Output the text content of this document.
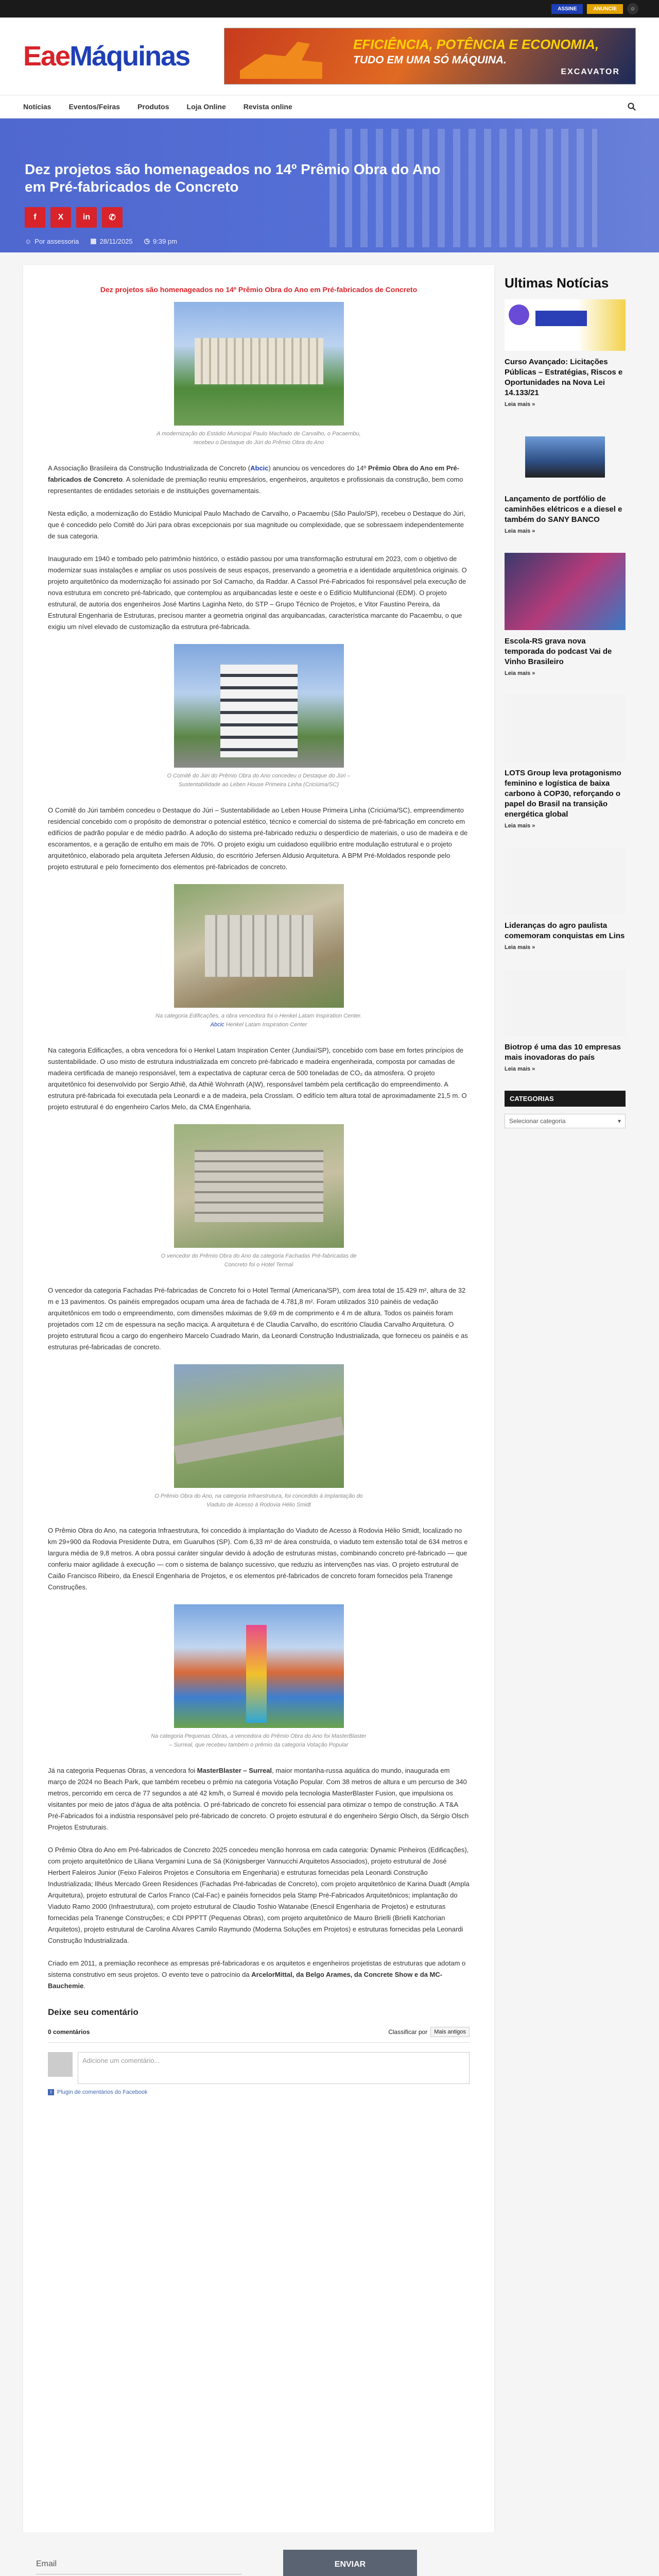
ASSINE	ANUNCIE	☺
EaeMáquinas	EFICIÊNCIA, POTÊNCIA E ECONOMIA,
TUDO EM UMA SÓ MÁQUINA.
EXCAVATOR
Notícias Eventos/Feiras Produtos Loja Online Revista online
Dez projetos são homenageados no 14º Prêmio Obra do Ano em Pré-fabricados de Concreto
f	X	in	✆
☺ Por assessoria ▦ 28/11/2025 ◷ 9:39 pm
Dez projetos são homenageados no 14º Prêmio Obra do Ano em Pré-fabricados de Concreto
A modernização do Estádio Municipal Paulo Machado de Carvalho, o Pacaembu, recebeu o Destaque do Júri do Prêmio Obra do Ano

A Associação Brasileira da Construção Industrializada de Concreto (Abcic) anunciou os vencedores do 14º Prêmio Obra do Ano em Pré-fabricados de Concreto. A solenidade de premiação reuniu empresários, engenheiros, arquitetos e profissionais da construção, bem como representantes de entidades setoriais e de instituições governamentais.

Nesta edição, a modernização do Estádio Municipal Paulo Machado de Carvalho, o Pacaembu (São Paulo/SP), recebeu o Destaque do Júri, que é concedido pelo Comitê do Júri para obras excepcionais por sua magnitude ou complexidade, que se sobressaem independentemente de sua categoria.

Inaugurado em 1940 e tombado pelo patrimônio histórico, o estádio passou por uma transformação estrutural em 2023, com o objetivo de modernizar suas instalações e ampliar os usos possíveis de seus espaços, preservando a geometria e a identidade arquitetônica originais. O projeto arquitetônico da modernização foi assinado por Sol Camacho, da Raddar. A Cassol Pré-Fabricados foi responsável pela execução de nova estrutura em concreto pré-fabricado, que contemplou as arquibancadas leste e oeste e o Edifício Multifuncional (EDM). O projeto estrutural, de autoria dos engenheiros José Martins Laginha Neto, do STP – Grupo Técnico de Projetos, e Vitor Faustino Pereira, da Estrutural Engenharia de Estruturas, precisou manter a geometria original das arquibancadas, característica marcante do Pacaembu, o que exigiu um nível elevado de customização da estrutura pré-fabricada.

O Comitê do Júri do Prêmio Obra do Ano concedeu o Destaque do Júri – Sustentabilidade ao Leben House Primeira Linha (Criciúma/SC)

O Comitê do Júri também concedeu o Destaque do Júri – Sustentabilidade ao Leben House Primeira Linha (Criciúma/SC), empreendimento residencial concebido com o propósito de demonstrar o potencial estético, técnico e comercial do sistema de pré-fabricação em concreto em edifícios de padrão popular e de médio padrão. A adoção do sistema pré-fabricado reduziu o desperdício de materiais, o uso de madeira e de escoramentos, e a geração de entulho em mais de 70%. O projeto exigiu um cuidadoso equilíbrio entre modulação estrutural e o projeto arquitetônico, elaborado pela arquiteta Jefersen Aldusio, do escritório Jefersen Aldusio Arquitetura. A BPM Pré-Moldados responde pelo projeto estrutural e pelo fornecimento dos elementos pré-fabricados de concreto.

Na categoria Edificações, a obra vencedora foi o Henkel Latam Inspiration Center. Abcic Henkel Latam Inspiration Center

Na categoria Edificações, a obra vencedora foi o Henkel Latam Inspiration Center (Jundiaí/SP), concebido com base em fortes princípios de sustentabilidade. O uso misto de estrutura industrializada em concreto pré-fabricado e madeira engenheirada, composta por camadas de madeira certificada de manejo responsável, tem a expectativa de capturar cerca de 500 toneladas de CO₂ da atmosfera. O projeto arquitetônico foi desenvolvido por Sergio Athiê, da Athiê Wohnrath (A|W), responsável também pela certificação do empreendimento. A estrutura pré-fabricada foi executada pela Leonardi e a de madeira, pela Crosslam. O edifício tem altura total de aproximadamente 21,5 m. O projeto estrutural é do engenheiro Carlos Melo, da CMA Engenharia.

O vencedor do Prêmio Obra do Ano da categoria Fachadas Pré-fabricadas de Concreto foi o Hotel Termal

O vencedor da categoria Fachadas Pré-fabricadas de Concreto foi o Hotel Termal (Americana/SP), com área total de 15.429 m², altura de 32 m e 13 pavimentos. Os painéis empregados ocupam uma área de fachada de 4.781,8 m². Foram utilizados 310 painéis de vedação arquitetônicos em todo o empreendimento, com dimensões máximas de 9,69 m de comprimento e 4 m de altura. Todos os painéis foram projetados com 12 cm de espessura na seção maciça. A arquitetura é de Claudia Carvalho, do escritório Claudia Carvalho Arquitetura. O projeto estrutural ficou a cargo do engenheiro Marcelo Cuadrado Marin, da Leonardi Construção Industrializada, que forneceu os painéis e as estruturas pré-fabricadas de concreto.

O Prêmio Obra do Ano, na categoria Infraestrutura, foi concedido à implantação do Viaduto de Acesso à Rodovia Hélio Smidt

O Prêmio Obra do Ano, na categoria Infraestrutura, foi concedido à implantação do Viaduto de Acesso à Rodovia Hélio Smidt, localizado no km 29+900 da Rodovia Presidente Dutra, em Guarulhos (SP). Com 6,33 m² de área construída, o viaduto tem extensão total de 634 metros e largura média de 9,8 metros. A obra possui caráter singular devido à adoção de estruturas mistas, combinando concreto pré-fabricado — que conferiu maior agilidade à execução — com o sistema de balanço sucessivo, que reduziu as intervenções nas vias. O projeto estrutural de Caião Francisco Ribeiro, da Enescil Engenharia de Projetos, e os elementos pré-fabricados de concreto foram fornecidos pela Tranenge Construções.

Na categoria Pequenas Obras, a vencedora do Prêmio Obra do Ano foi MasterBlaster – Surreal, que recebeu também o prêmio da categoria Votação Popular

Já na categoria Pequenas Obras, a vencedora foi MasterBlaster – Surreal, maior montanha-russa aquática do mundo, inaugurada em março de 2024 no Beach Park, que também recebeu o prêmio na categoria Votação Popular. Com 38 metros de altura e um percurso de 340 metros, percorrido em cerca de 77 segundos a até 42 km/h, o Surreal é movido pela tecnologia MasterBlaster Fusion, que impulsiona os visitantes por meio de jatos d'água de alta potência. O pré-fabricado de concreto foi essencial para otimizar o tempo de construção. A T&A Pré-Fabricados foi a indústria responsável pelo pré-fabricado de concreto. O projeto estrutural é do engenheiro Sérgio Olsch, da Sérgio Olsch Projetos Estruturais.

O Prêmio Obra do Ano em Pré-fabricados de Concreto 2025 concedeu menção honrosa em cada categoria: Dynamic Pinheiros (Edificações), com projeto arquitetônico de Liliana Vergamini Luna de Sá (Königsberger Vannucchi Arquitetos Associados), projeto estrutural de José Herbert Faleiros Junior (Feixo Faleiros Projetos e Consultoria em Engenharia) e estruturas fornecidas pela Leonardi Construção Industrializada; Ilhéus Mercado Green Residences (Fachadas Pré-fabricadas de Concreto), com projeto arquitetônico de Karina Duadt (Ampla Arquitetura), projeto estrutural de Carlos Franco (Cal-Fac) e painéis fornecidos pela Stamp Pré-Fabricados Arquitetônicos; implantação do Viaduto Ramo 2000 (Infraestrutura), com projeto estrutural de Claudio Toshio Watanabe (Enescil Engenharia de Projetos) e estruturas fornecidas pela Tranenge Construções; e CDI PPPTT (Pequenas Obras), com projeto arquitetônico de Mauro Brielli (Brielli Katchorian Arquitetos), projeto estrutural de Carolina Alvares Camilo Raymundo (Moderna Soluções em Projetos) e estruturas fornecidas pela Leonardi Construção Industrializada.

Criado em 2011, a premiação reconhece as empresas pré-fabricadoras e os arquitetos e engenheiros projetistas de estruturas que adotam o sistema construtivo em seus projetos. O evento teve o patrocínio da ArcelorMittal, da Belgo Arames, da Concrete Show e da MC-Bauchemie.

Deixe seu comentário
0 comentários	Classificar por	Mais antigos
Adicione um comentário...
f Plugin de comentários do Facebook
Ultimas Notícias
Curso Avançado: Licitações Públicas – Estratégias, Riscos e Oportunidades na Nova Lei 14.133/21
Leia mais »
Lançamento de portfólio de caminhões elétricos e a diesel e também do SANY BANCO
Leia mais »
Escola-RS grava nova temporada do podcast Vai de Vinho Brasileiro
Leia mais »
LOTS Group leva protagonismo feminino e logística de baixa carbono à COP30, reforçando o papel do Brasil na transição energética global
Leia mais »
Lideranças do agro paulista comemoram conquistas em Lins
Leia mais »
Biotrop é uma das 10 empresas mais inovadoras do país
Leia mais »
CATEGORIAS
Selecionar categoria	▾
Email	ENVIAR
